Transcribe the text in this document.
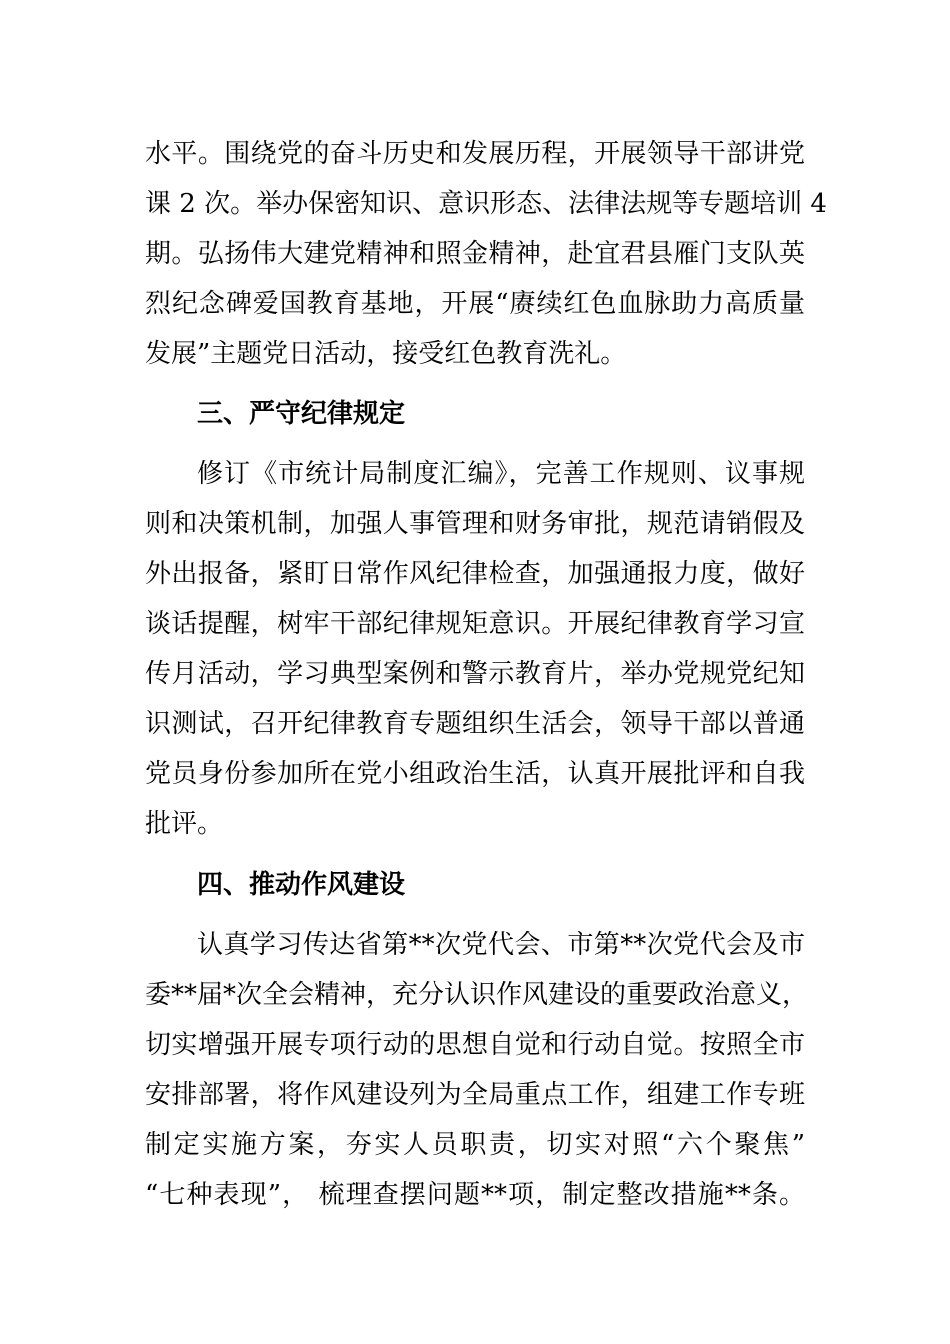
水平。围绕党的奋斗历史和发展历程，开展领导干部讲党
课 2 次。举办保密知识、意识形态、法律法规等专题培训 4
期。弘扬伟大建党精神和照金精神，赴宜君县雁门支队英
烈纪念碑爱国教育基地，开展“赓续红色血脉助力高质量
发展”主题党日活动，接受红色教育洗礼。
三、严守纪律规定
修订《市统计局制度汇编》，完善工作规则、议事规
则和决策机制，加强人事管理和财务审批，规范请销假及
外出报备，紧盯日常作风纪律检查，加强通报力度，做好
谈话提醒，树牢干部纪律规矩意识。开展纪律教育学习宣
传月活动，学习典型案例和警示教育片，举办党规党纪知
识测试，召开纪律教育专题组织生活会，领导干部以普通
党员身份参加所在党小组政治生活，认真开展批评和自我
批评。
四、推动作风建设
认真学习传达省第**次党代会、市第**次党代会及市
委**届*次全会精神，充分认识作风建设的重要政治意义，
切实增强开展专项行动的思想自觉和行动自觉。按照全市
安排部署，将作风建设列为全局重点工作，组建工作专班
制定实施方案，夯实人员职责，切实对照“六个聚焦”
“七种表现”， 梳理查摆问题**项，制定整改措施**条。
